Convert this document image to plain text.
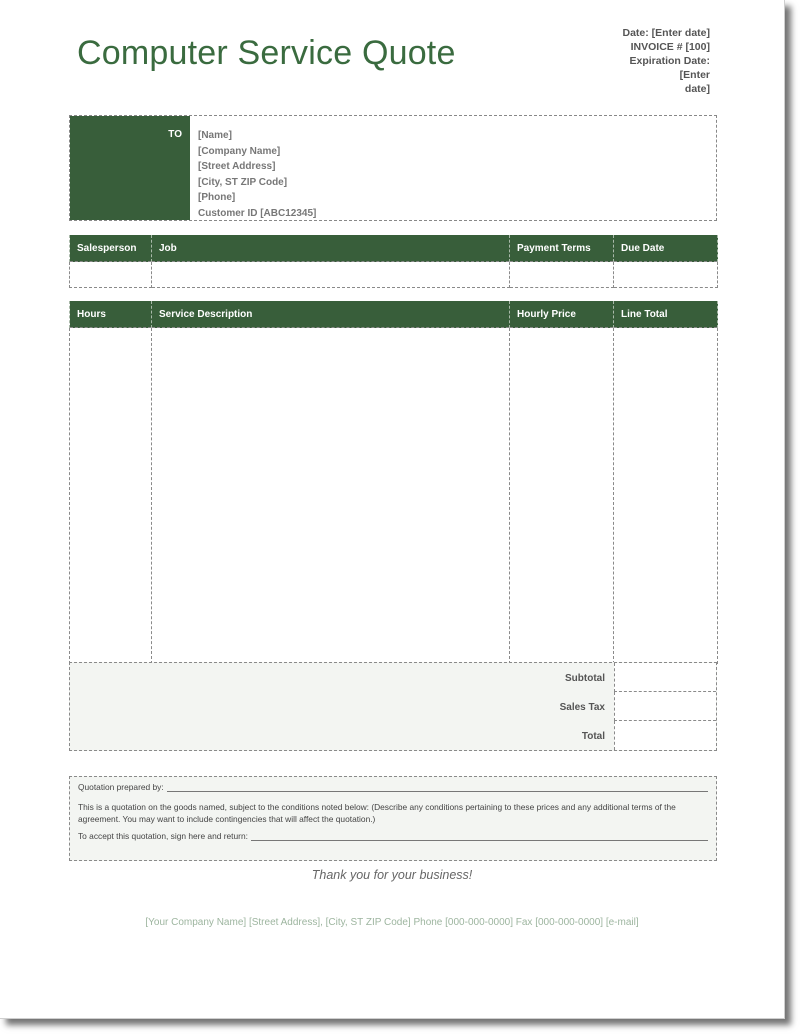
Computer Service Quote
Date: [Enter date]
INVOICE # [100]
Expiration Date: [Enter
date]
TO [Name]
[Company Name]
[Street Address]
[City, ST ZIP Code]
[Phone]
Customer ID [ABC12345]
Salesperson	Job	Payment Terms	Due Date

Hours	Service Description	Hourly Price	Line Total

Subtotal
Sales Tax
Total
Quotation prepared by:

This is a quotation on the goods named, subject to the conditions noted below: (Describe any conditions pertaining to these prices and any additional terms of the agreement. You may want to include contingencies that will affect the quotation.)

To accept this quotation, sign here and return:
Thank you for your business!
[Your Company Name] [Street Address], [City, ST ZIP Code] Phone [000-000-0000] Fax [000-000-0000] [e-mail]
